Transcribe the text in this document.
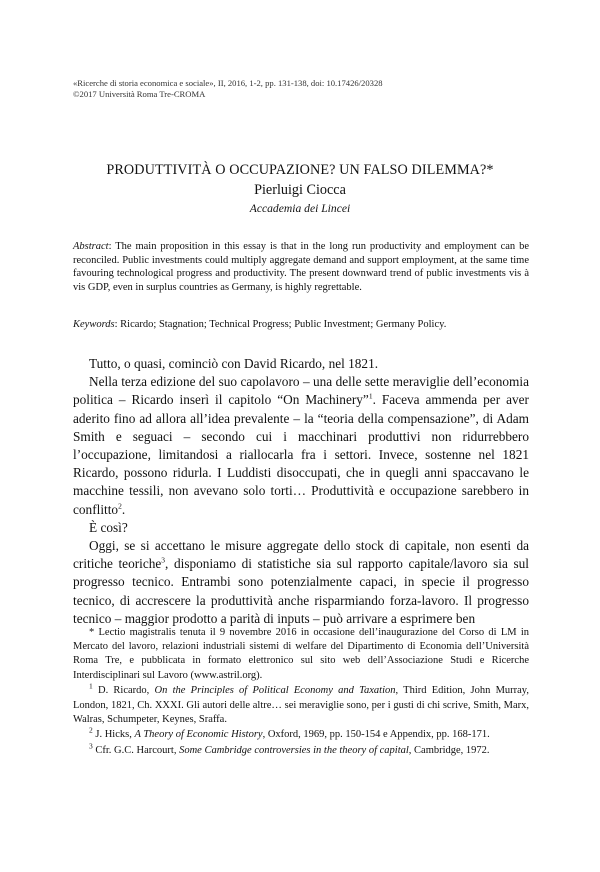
«Ricerche di storia economica e sociale», II, 2016, 1-2, pp. 131-138, doi: 10.17426/20328
©2017 Università Roma Tre-CROMA
PRODUTTIVITÀ O OCCUPAZIONE? UN FALSO DILEMMA?*
Pierluigi Ciocca
Accademia dei Lincei
Abstract: The main proposition in this essay is that in the long run productivity and employment can be reconciled. Public investments could multiply aggregate demand and support employment, at the same time favouring technological progress and productivity. The present downward trend of public investments vis à vis GDP, even in surplus countries as Germany, is highly regrettable.
Keywords: Ricardo; Stagnation; Technical Progress; Public Investment; Germany Policy.

Tutto, o quasi, cominciò con David Ricardo, nel 1821.

Nella terza edizione del suo capolavoro – una delle sette meraviglie dell’economia politica – Ricardo inserì il capitolo “On Machinery”$^1$. Faceva ammenda per aver aderito fino ad allora all’idea prevalente – la “teoria della compensazione”, di Adam Smith e seguaci – secondo cui i macchinari produttivi non ridurrebbero l’occupazione, limitandosi a riallocarla fra i settori. Invece, sostenne nel 1821 Ricardo, possono ridurla. I Luddisti disoccupati, che in quegli anni spaccavano le macchine tessili, non avevano solo torti… Produttività e occupazione sarebbero in conflitto$^2$.

È così?

Oggi, se si accettano le misure aggregate dello stock di capitale, non esenti da critiche teoriche$^3$, disponiamo di statistiche sia sul rapporto capitale/lavoro sia sul progresso tecnico. Entrambi sono potenzialmente capaci, in specie il progresso tecnico, di accrescere la produttività anche risparmiando forza-lavoro. Il progresso tecnico – maggior prodotto a parità di inputs – può arrivare a esprimere ben

* Lectio magistralis tenuta il 9 novembre 2016 in occasione dell’inaugurazione del Corso di LM in Mercato del lavoro, relazioni industriali sistemi di welfare del Dipartimento di Economia dell’Università Roma Tre, e pubblicata in formato elettronico sul sito web dell’Associazione Studi e Ricerche Interdisciplinari sul Lavoro (www.astril.org).

$^1$ D. Ricardo, On the Principles of Political Economy and Taxation, Third Edition, John Murray, London, 1821, Ch. XXXI. Gli autori delle altre… sei meraviglie sono, per i gusti di chi scrive, Smith, Marx, Walras, Schumpeter, Keynes, Sraffa.

$^2$ J. Hicks, A Theory of Economic History, Oxford, 1969, pp. 150-154 e Appendix, pp. 168-171.

$^3$ Cfr. G.C. Harcourt, Some Cambridge controversies in the theory of capital, Cambridge, 1972.
